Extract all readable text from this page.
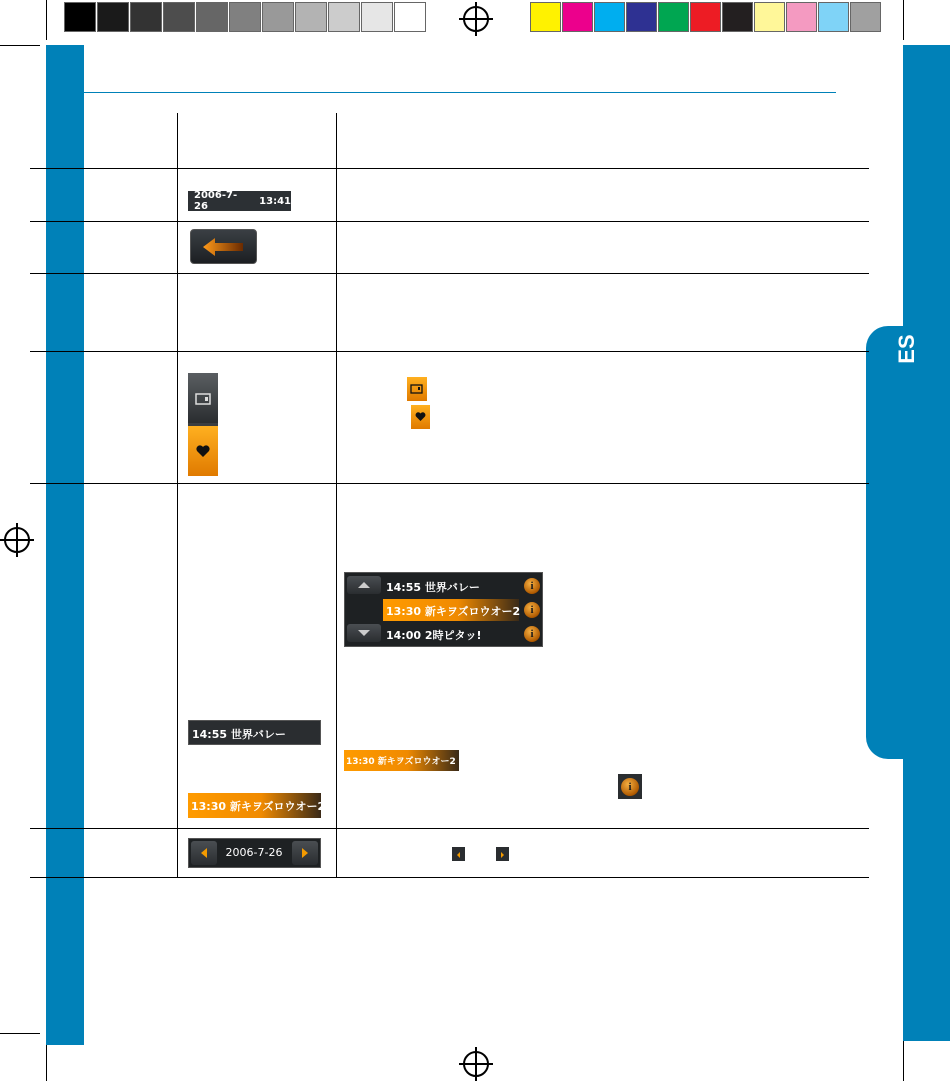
ES
2006-7-26	13:41
14:55 世界バレー	i
13:30 新キヲズロウオー2 i
14:00 2時ピタッ!	i
14:55 世界バレー
13:30 新キヲズロウオー2
13:30 新キヲズロウオー2
i
2006-7-26
GI
